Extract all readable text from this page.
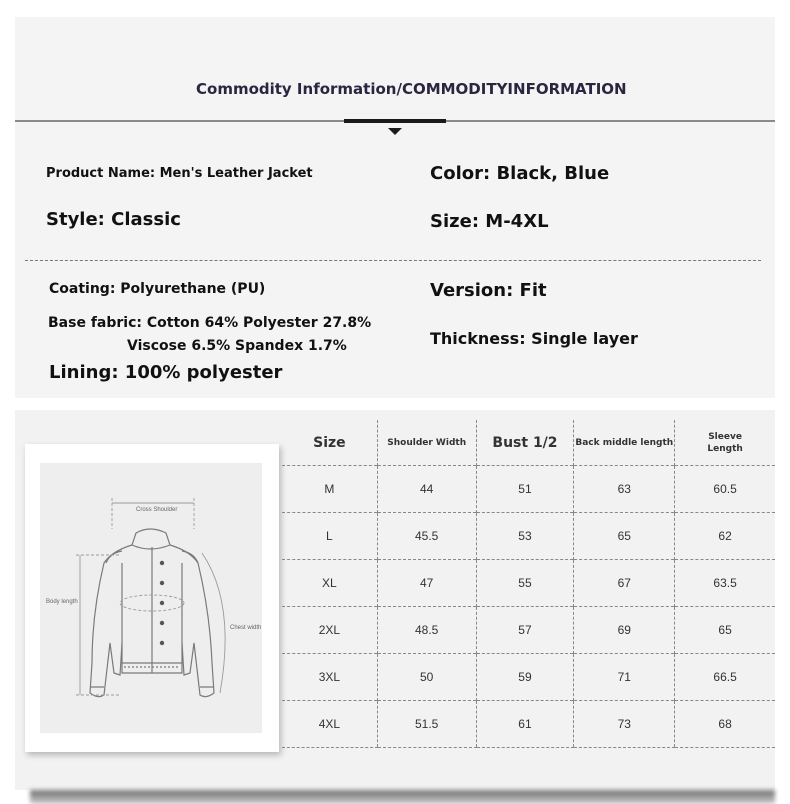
Commodity Information/COMMODITYINFORMATION
Product Name: Men's Leather Jacket	Color: Black, Blue
Style: Classic	Size: M-4XL
Coating: Polyurethane (PU)	Version: Fit
Base fabric: Cotton 64% Polyester 27.8%
Viscose 6.5% Spandex 1.7%	Thickness: Single layer
Lining: 100% polyester
Cross Shoulder
Body length
Chest width
Size	Shoulder Width	Bust 1/2	Back middle length	Sleeve Length
M	44	51	63	60.5
L	45.5	53	65	62
XL	47	55	67	63.5
2XL	48.5	57	69	65
3XL	50	59	71	66.5
4XL	51.5	61	73	68
